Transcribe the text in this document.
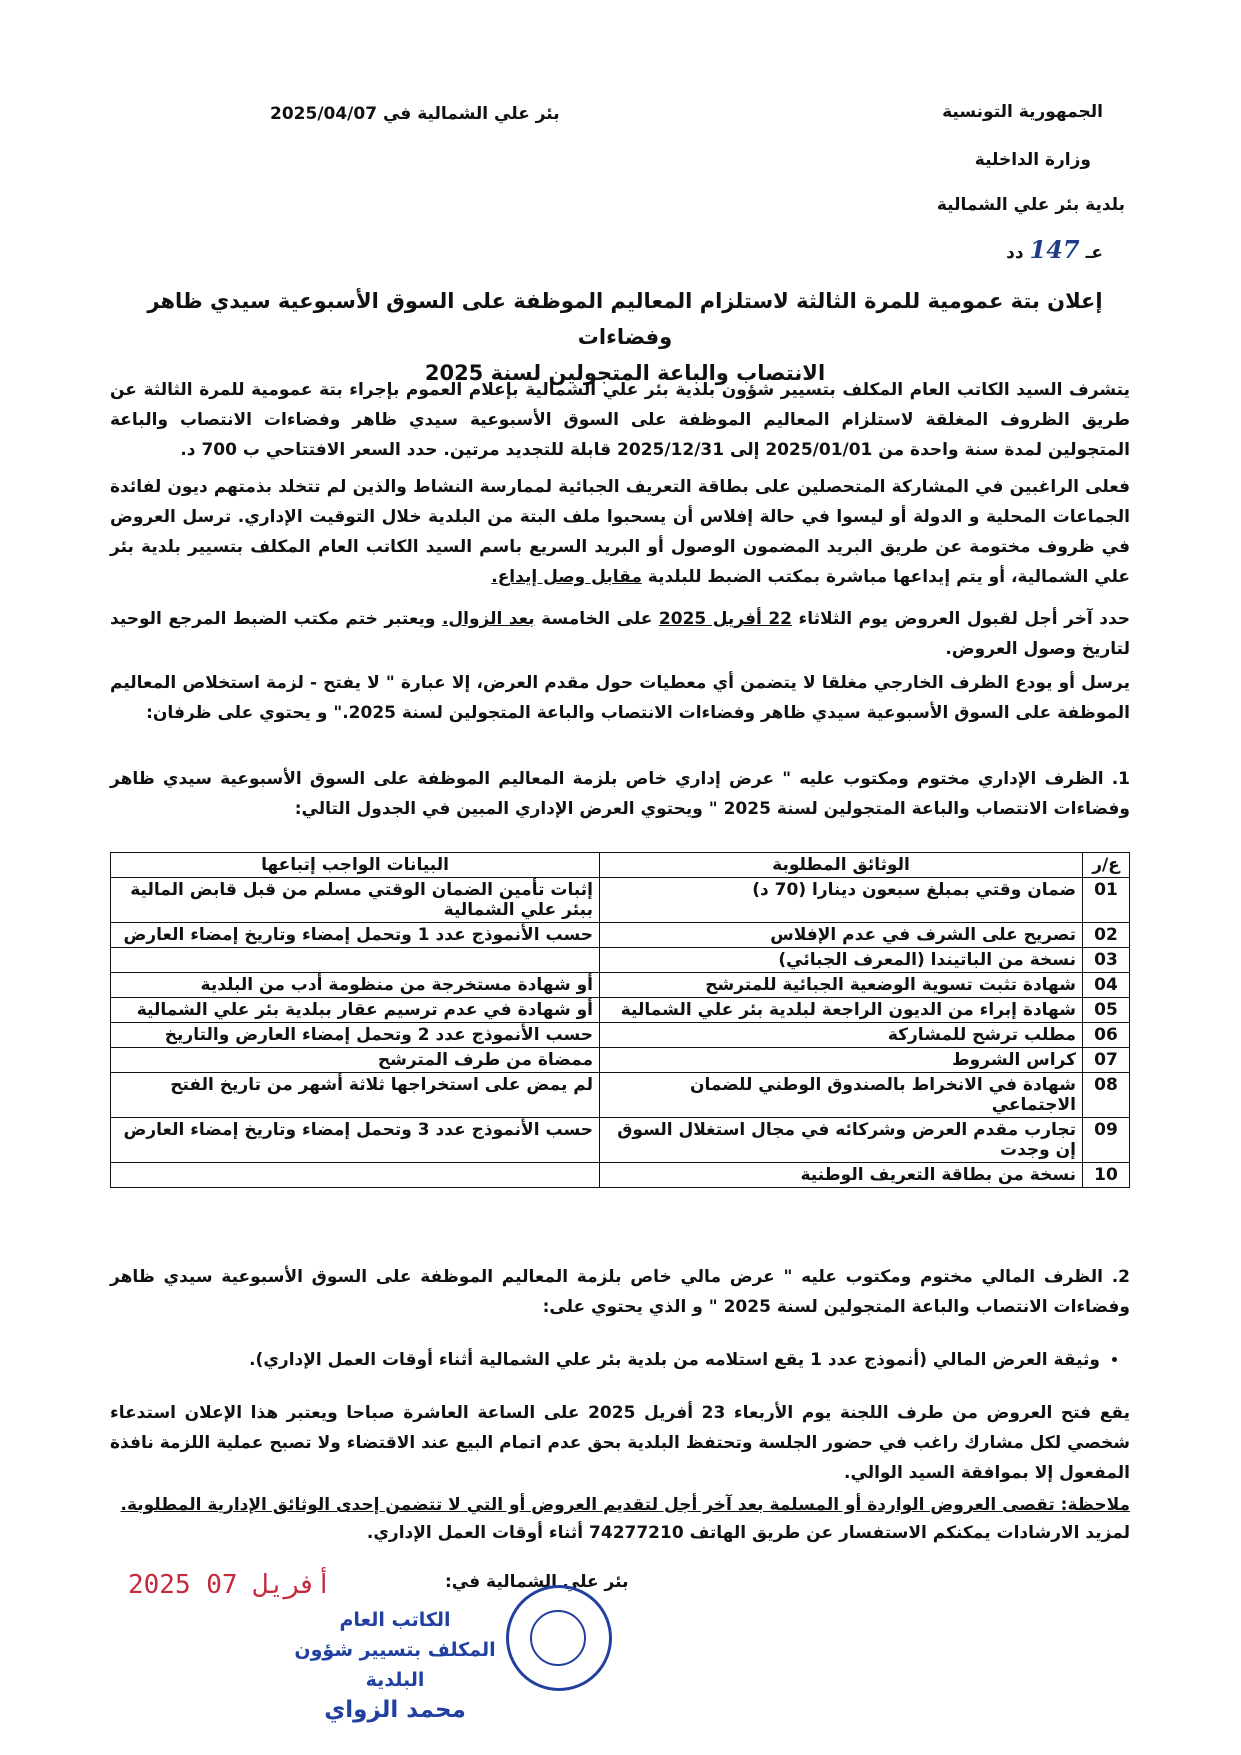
الجمهورية التونسية
وزارة الداخلية
بلدية بئر علي الشمالية
بئر علي الشمالية في 2025/04/07
عـ 147 دد
إعلان بتة عمومية للمرة الثالثة لاستلزام المعاليم الموظفة على السوق الأسبوعية سيدي ظاهر وفضاءات
الانتصاب والباعة المتجولين لسنة 2025
يتشرف السيد الكاتب العام المكلف بتسيير شؤون بلدية بئر علي الشمالية بإعلام العموم بإجراء بتة عمومية للمرة الثالثة عن طريق الظروف المغلقة لاستلزام المعاليم الموظفة على السوق الأسبوعية سيدي ظاهر وفضاءات الانتصاب والباعة المتجولين لمدة سنة واحدة من 2025/01/01 إلى 2025/12/31 قابلة للتجديد مرتين. حدد السعر الافتتاحي ب 700 د.
فعلى الراغبين في المشاركة المتحصلين على بطاقة التعريف الجبائية لممارسة النشاط والذين لم تتخلد بذمتهم ديون لفائدة الجماعات المحلية و الدولة أو ليسوا في حالة إفلاس أن يسحبوا ملف البتة من البلدية خلال التوقيت الإداري. ترسل العروض في ظروف مختومة عن طريق البريد المضمون الوصول أو البريد السريع باسم السيد الكاتب العام المكلف بتسيير بلدية بئر علي الشمالية، أو يتم إيداعها مباشرة بمكتب الضبط للبلدية مقابل وصل إيداع.
حدد آخر أجل لقبول العروض يوم الثلاثاء 22 أفريل 2025 على الخامسة بعد الزوال. ويعتبر ختم مكتب الضبط المرجع الوحيد لتاريخ وصول العروض.
يرسل أو يودع الظرف الخارجي مغلقا لا يتضمن أي معطيات حول مقدم العرض، إلا عبارة " لا يفتح - لزمة استخلاص المعاليم الموظفة على السوق الأسبوعية سيدي ظاهر وفضاءات الانتصاب والباعة المتجولين لسنة 2025." و يحتوي على ظرفان:
1. الظرف الإداري مختوم ومكتوب عليه " عرض إداري خاص بلزمة المعاليم الموظفة على السوق الأسبوعية سيدي ظاهر وفضاءات الانتصاب والباعة المتجولين لسنة 2025 " ويحتوي العرض الإداري المبين في الجدول التالي:
ع/ر	الوثائق المطلوبة	البيانات الواجب إتباعها
01	ضمان وقتي بمبلغ سبعون دينارا (70 د)	إثبات تأمين الضمان الوقتي مسلم من قبل قابض المالية ببئر علي الشمالية
02	تصريح على الشرف في عدم الإفلاس	حسب الأنموذج عدد 1 وتحمل إمضاء وتاريخ إمضاء العارض
03	نسخة من الباتيندا (المعرف الجبائي)	
04	شهادة تثبت تسوية الوضعية الجبائية للمترشح	أو شهادة مستخرجة من منظومة أدب من البلدية
05	شهادة إبراء من الديون الراجعة لبلدية بئر علي الشمالية	أو شهادة في عدم ترسيم عقار ببلدية بئر علي الشمالية
06	مطلب ترشح للمشاركة	حسب الأنموذج عدد 2 وتحمل إمضاء العارض والتاريخ
07	كراس الشروط	ممضاة من طرف المترشح
08	شهادة في الانخراط بالصندوق الوطني للضمان الاجتماعي	لم يمض على استخراجها ثلاثة أشهر من تاريخ الفتح
09	تجارب مقدم العرض وشركائه في مجال استغلال السوق إن وجدت	حسب الأنموذج عدد 3 وتحمل إمضاء وتاريخ إمضاء العارض
10	نسخة من بطاقة التعريف الوطنية	
2. الظرف المالي مختوم ومكتوب عليه " عرض مالي خاص بلزمة المعاليم الموظفة على السوق الأسبوعية سيدي ظاهر وفضاءات الانتصاب والباعة المتجولين لسنة 2025 " و الذي يحتوي على:
• وثيقة العرض المالي (أنموذج عدد 1 يقع استلامه من بلدية بئر علي الشمالية أثناء أوقات العمل الإداري).
يقع فتح العروض من طرف اللجنة يوم الأربعاء 23 أفريل 2025 على الساعة العاشرة صباحا ويعتبر هذا الإعلان استدعاء شخصي لكل مشارك راغب في حضور الجلسة وتحتفظ البلدية بحق عدم اتمام البيع عند الاقتضاء ولا تصبح عملية اللزمة نافذة المفعول إلا بموافقة السيد الوالي.
ملاحظة: تقصى العروض الواردة أو المسلمة بعد آخر أجل لتقديم العروض أو التي لا تتضمن إحدى الوثائق الإدارية المطلوبة.
لمزيد الارشادات يمكنكم الاستفسار عن طريق الهاتف 74277210 أثناء أوقات العمل الإداري.
بئر علي الشمالية في:
2025 أفريل 07
الكاتب العام
المكلف بتسيير شؤون البلدية
محمد الزواي
